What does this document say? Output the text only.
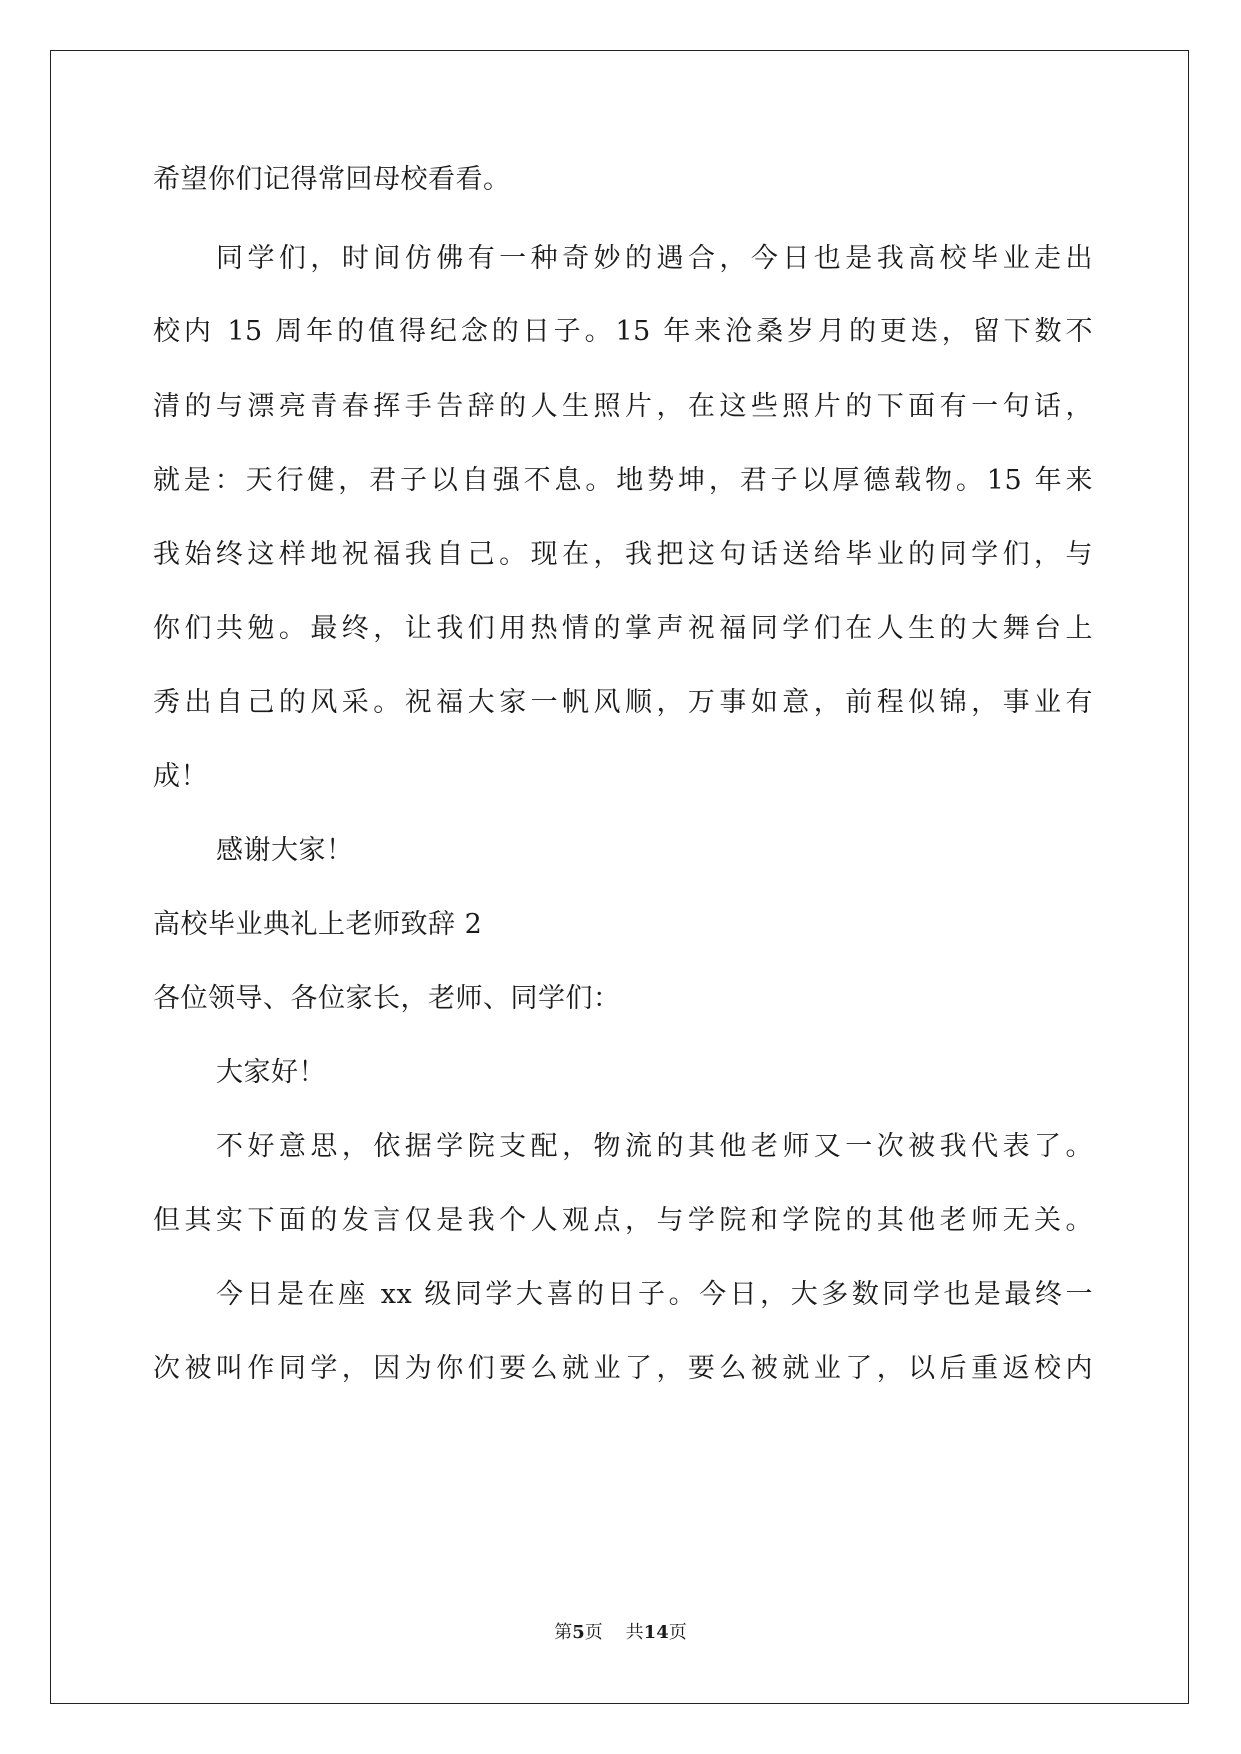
希望你们记得常回母校看看。
同学们，时间仿佛有一种奇妙的遇合，今日也是我高校毕业走出
校内 15 周年的值得纪念的日子。15 年来沧桑岁月的更迭，留下数不
清的与漂亮青春挥手告辞的人生照片，在这些照片的下面有一句话，
就是：天行健，君子以自强不息。地势坤，君子以厚德载物。15 年来
我始终这样地祝福我自己。现在，我把这句话送给毕业的同学们，与
你们共勉。最终，让我们用热情的掌声祝福同学们在人生的大舞台上
秀出自己的风采。祝福大家一帆风顺，万事如意，前程似锦，事业有
成！
感谢大家！
高校毕业典礼上老师致辞 2
各位领导、各位家长，老师、同学们：
大家好！
不好意思，依据学院支配，物流的其他老师又一次被我代表了。
但其实下面的发言仅是我个人观点，与学院和学院的其他老师无关。
今日是在座 xx 级同学大喜的日子。今日，大多数同学也是最终一
次被叫作同学，因为你们要么就业了，要么被就业了，以后重返校内
第5页 共14页
